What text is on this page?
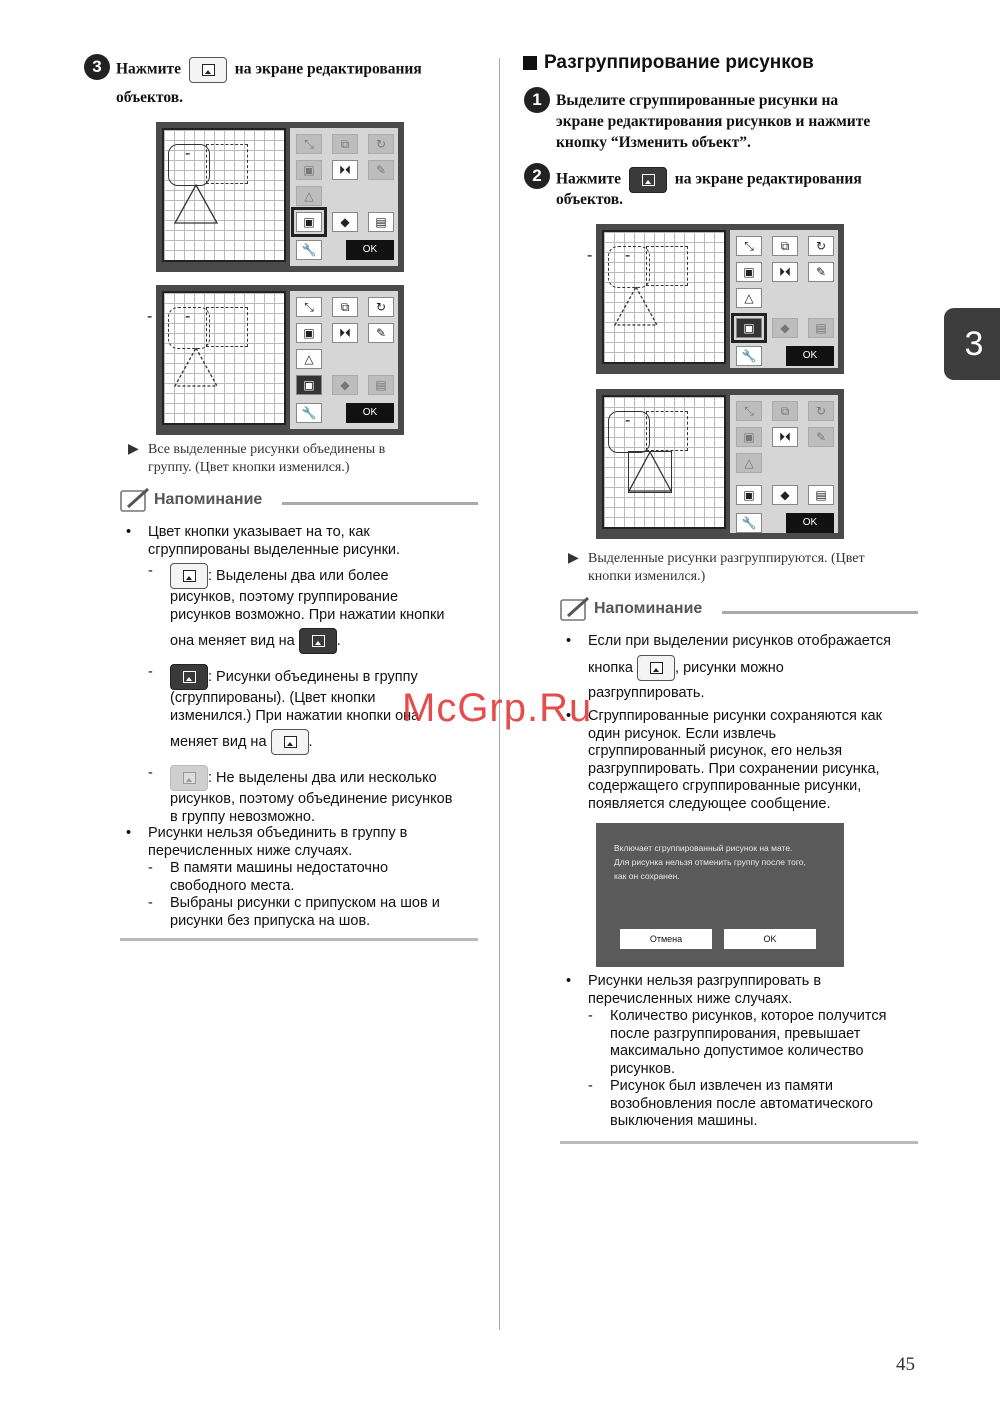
3 Нажмите	на экране редактирования
объектов.
-
⤡	⧉	↻
▣	⏵⏴	✎
△
▣	◆	▤
🔧	OK
-
-
⤡	⧉	↻
▣	⏵⏴	✎
△
▣	◆	▤
🔧	OK
▶ Все выделенные рисунки объединены в
группу. (Цвет кнопки изменился.)
Напоминание
• Цвет кнопки указывает на то, как
сгруппированы выделенные рисунки.
- : Выделены два или более
рисунков, поэтому группирование
рисунков возможно. При нажатии кнопки
она меняет вид на	.
- : Рисунки объединены в группу
(сгруппированы). (Цвет кнопки
изменился.) При нажатии кнопки она
меняет вид на	.
- : Не выделены два или несколько
рисунков, поэтому объединение рисунков
в группу невозможно.
• Рисунки нельзя объединить в группу в
перечисленных ниже случаях.
- В памяти машины недостаточно
свободного места.
- Выбраны рисунки с припуском на шов и
рисунки без припуска на шов.
Разгруппирование рисунков
1 Выделите сгруппированные рисунки на
экране редактирования рисунков и нажмите
кнопку “Изменить объект”.
2 Нажмите	на экране редактирования
объектов.
-
-
⤡	⧉	↻
▣	⏵⏴	✎
△
▣	◆	▤
🔧	OK
-
⤡	⧉	↻
▣	⏵⏴	✎
△
▣	◆	▤
🔧	OK
▶ Выделенные рисунки разгруппируются. (Цвет
кнопки изменился.)
Напоминание
• Если при выделении рисунков отображается
кнопка	, рисунки можно
разгруппировать.
• Сгруппированные рисунки сохраняются как
один рисунок. Если извлечь
сгруппированный рисунок, его нельзя
разгруппировать. При сохранении рисунка,
содержащего сгруппированные рисунки,
появляется следующее сообщение.
Включает сгруппированный рисунок на мате.
Для рисунка нельзя отменить группу после того,
как он сохранен.
Отмена	OK
• Рисунки нельзя разгруппировать в
перечисленных ниже случаях.
- Количество рисунков, которое получится
после разгруппирования, превышает
максимально допустимое количество
рисунков.
- Рисунок был извлечен из памяти
возобновления после автоматического
выключения машины.
3
McGrp.Ru
45
